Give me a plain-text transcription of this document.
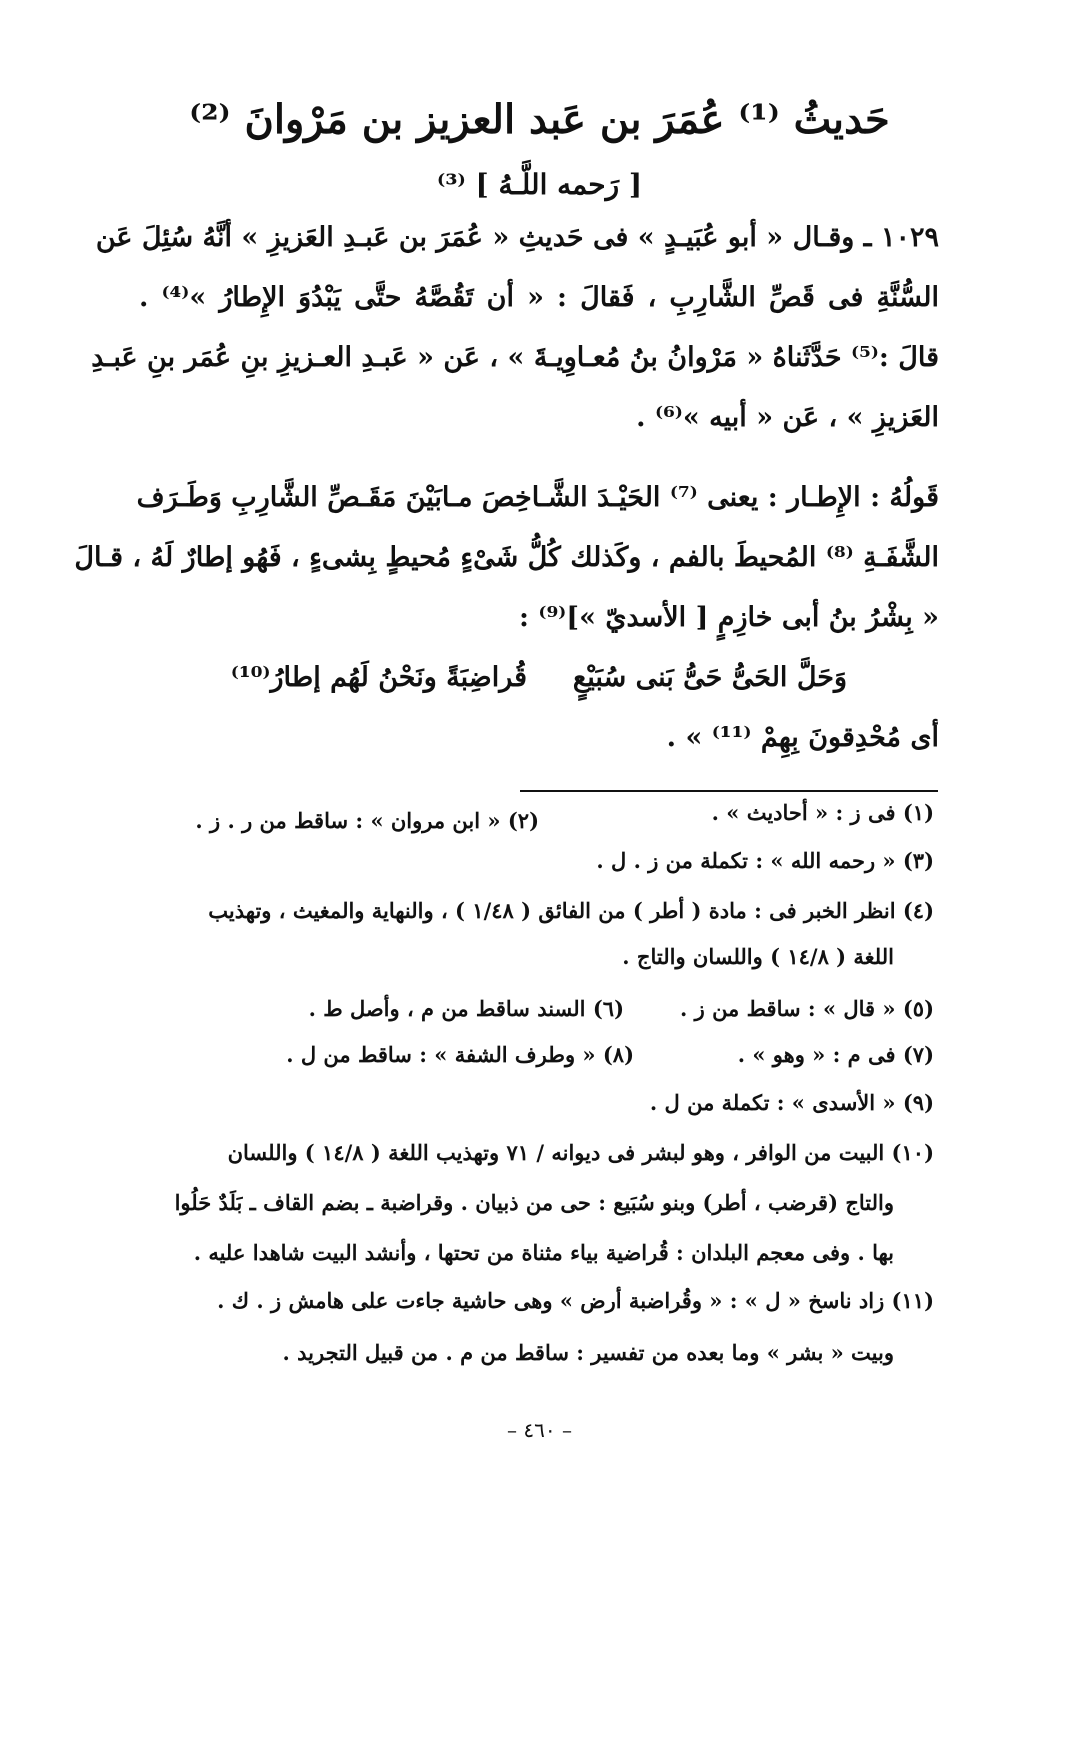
حَديثُ ⁽¹⁾ عُمَرَ بن عَبد العزيز بن مَرْوانَ ⁽²⁾
[ رَحمه اللَّـهُ ] ⁽³⁾
١٠٢٩ ـ وقـال « أبو عُبَيـدٍ » فى حَديثِ « عُمَرَ بن عَبـدِ العَزيزِ » أنَّهُ سُئِلَ عَن
السُّنَّةِ فى قَصِّ الشَّارِبِ ، فَقالَ : « أن تَقُصَّهُ حتَّى يَبْدُوَ الإِطارُ »⁽⁴⁾ .
قالَ :⁽⁵⁾ حَدَّثَناهُ « مَرْوانُ بنُ مُعـاوِيـةَ » ، عَن « عَبـدِ العـزيزِ بنِ عُمَر بنِ عَبـدِ
العَزيزِ » ، عَن « أبيه »⁽⁶⁾ .
قَولُهُ : الإِطـار : يعنى ⁽⁷⁾ الحَيْـدَ الشَّـاخِصَ مـابَيْنَ مَقَـصِّ الشَّارِبِ وَطَـرَف
الشَّفَـةِ ⁽⁸⁾ المُحيطَ بالفم ، وكَذلك كُلُّ شَىْءٍ مُحيطٍ بِشىءٍ ، فَهُو إطارٌ لَهُ ، قـالَ
« بِشْرُ بنُ أبى خازِمٍ [ الأسديّ »]⁽⁹⁾ :
وَحَلَّ الحَىُّ حَىُّ بَنى سُبَيْعٍ
قُراضِبَةً ونَحْنُ لَهُم إطارُ⁽¹⁰⁾
أى مُحْدِقونَ بِهِمْ ⁽¹¹⁾ » .
(١) فى ز : « أحاديث » .
(٢) « ابن مروان » : ساقط من ر . ز .
(٣) « رحمه الله » : تكملة من ز . ل .
(٤) انظر الخبر فى : مادة ( أطر ) من الفائق ( ١/٤٨ ) ، والنهاية والمغيث ، وتهذيب
اللغة ( ١٤/٨ ) واللسان والتاج .
(٥) « قال » : ساقط من ز .
(٦) السند ساقط من م ، وأصل ط .
(٧) فى م : « وهو » .
(٨) « وطرف الشفة » : ساقط من ل .
(٩) « الأسدى » : تكملة من ل .
(١٠) البيت من الوافر ، وهو لبشر فى ديوانه / ٧١ وتهذيب اللغة ( ١٤/٨ ) واللسان
والتاج (قرضب ، أطر) وبنو سُبَيع : حى من ذبيان . وقراضبة ـ بضم القاف ـ بَلَدٌ حَلُوا
بها . وفى معجم البلدان : قُراضية بياء مثناة من تحتها ، وأنشد البيت شاهدا عليه .
(١١) زاد ناسخ « ل » : « وقُراضبة أرض » وهى حاشية جاءت على هامش ز . ك .
وبيت « بشر » وما بعده من تفسير : ساقط من م . من قبيل التجريد .
– ٤٦٠ –
